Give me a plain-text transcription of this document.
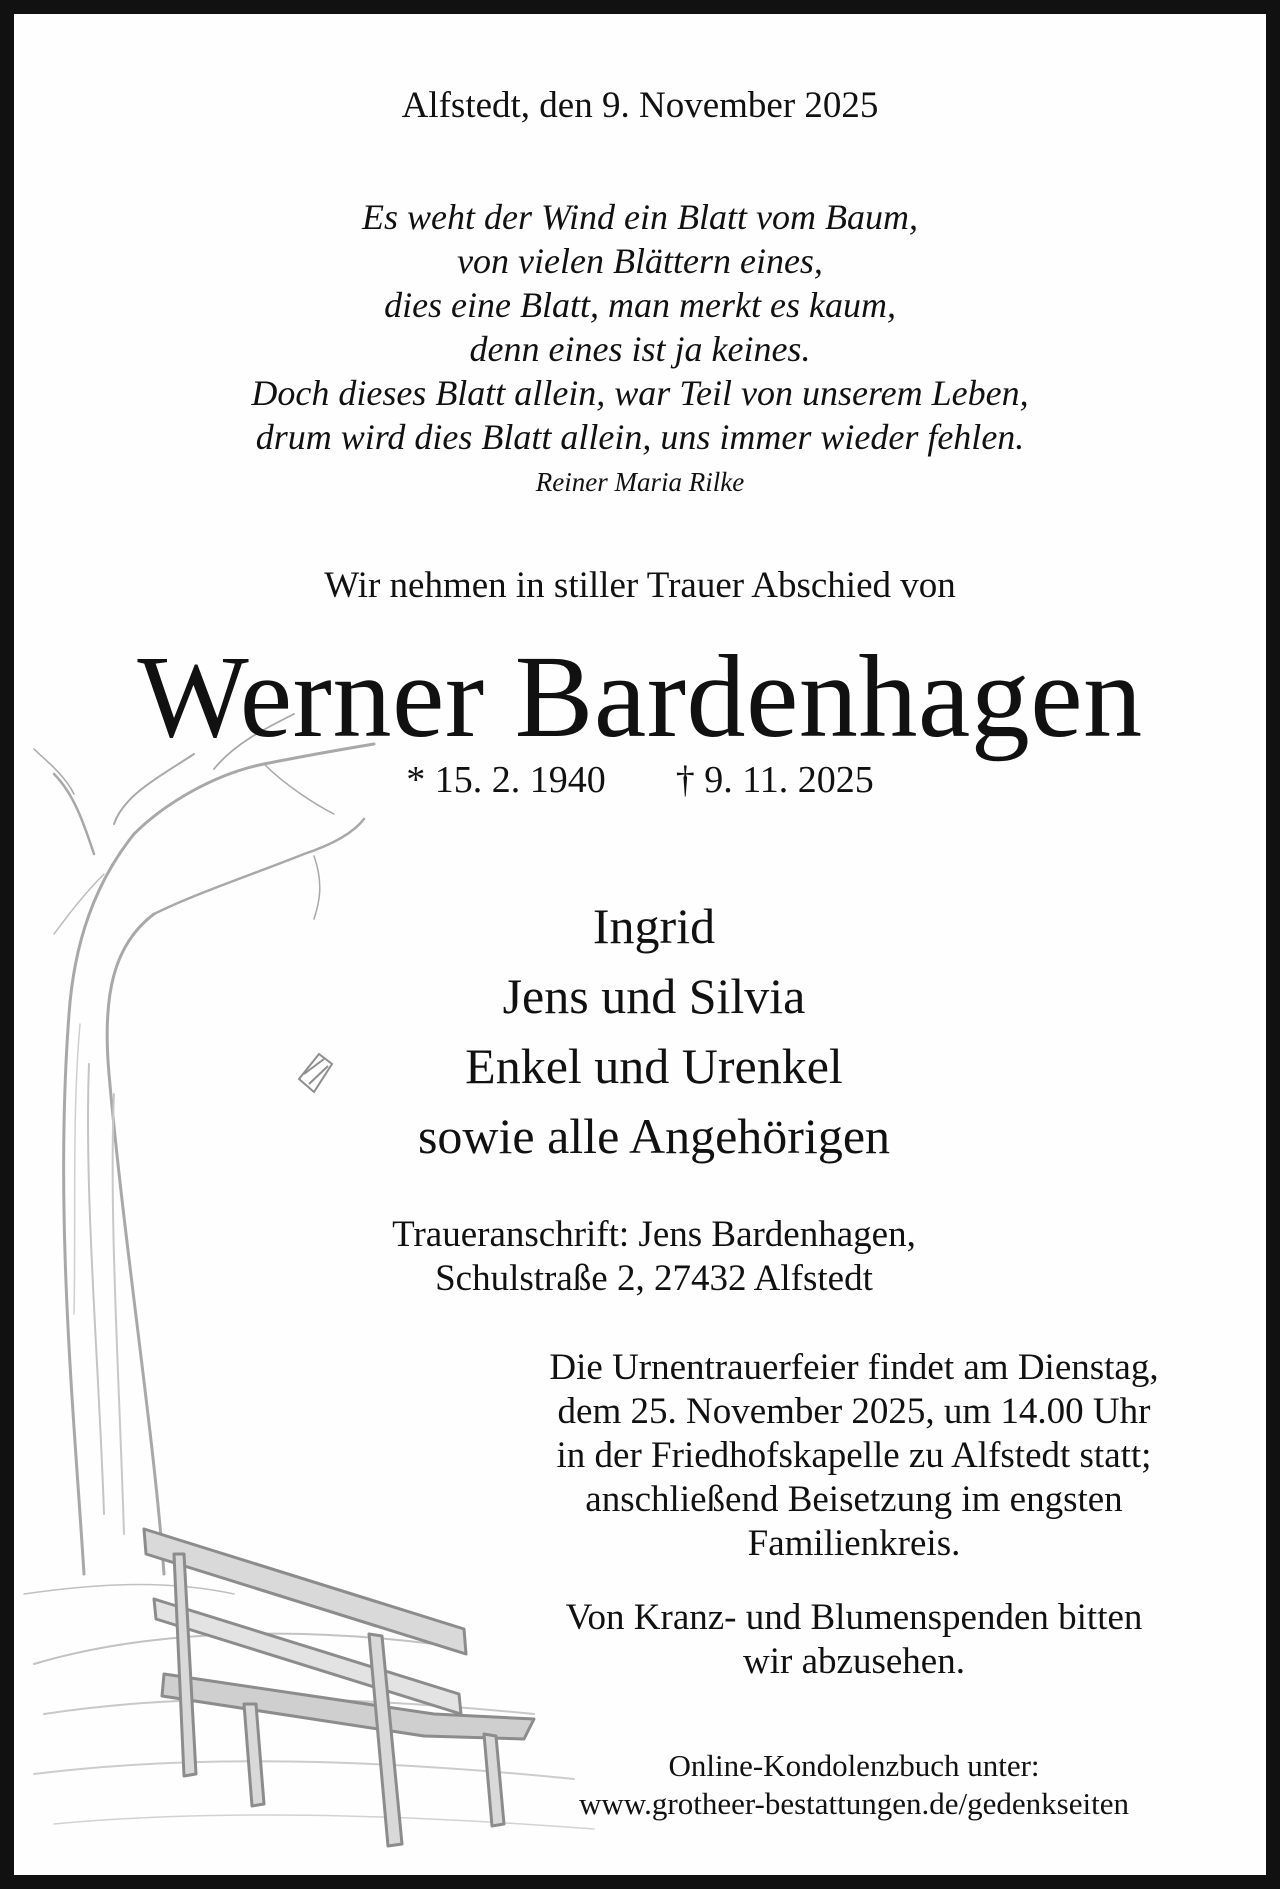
Alfstedt, den 9. November 2025
Es weht der Wind ein Blatt vom Baum,
von vielen Blättern eines,
dies eine Blatt, man merkt es kaum,
denn eines ist ja keines.
Doch dieses Blatt allein, war Teil von unserem Leben,
drum wird dies Blatt allein, uns immer wieder fehlen.
Reiner Maria Rilke
Wir nehmen in stiller Trauer Abschied von
Werner Bardenhagen
* 15. 2. 1940 † 9. 11. 2025
Ingrid
Jens und Silvia
Enkel und Urenkel
sowie alle Angehörigen
Traueranschrift: Jens Bardenhagen,
Schulstraße 2, 27432 Alfstedt
Die Urnentrauerfeier findet am Dienstag,
dem 25. November 2025, um 14.00 Uhr
in der Friedhofskapelle zu Alfstedt statt;
anschließend Beisetzung im engsten
Familienkreis.
Von Kranz- und Blumenspenden bitten
wir abzusehen.
Online-Kondolenzbuch unter:
www.grotheer-bestattungen.de/gedenkseiten
